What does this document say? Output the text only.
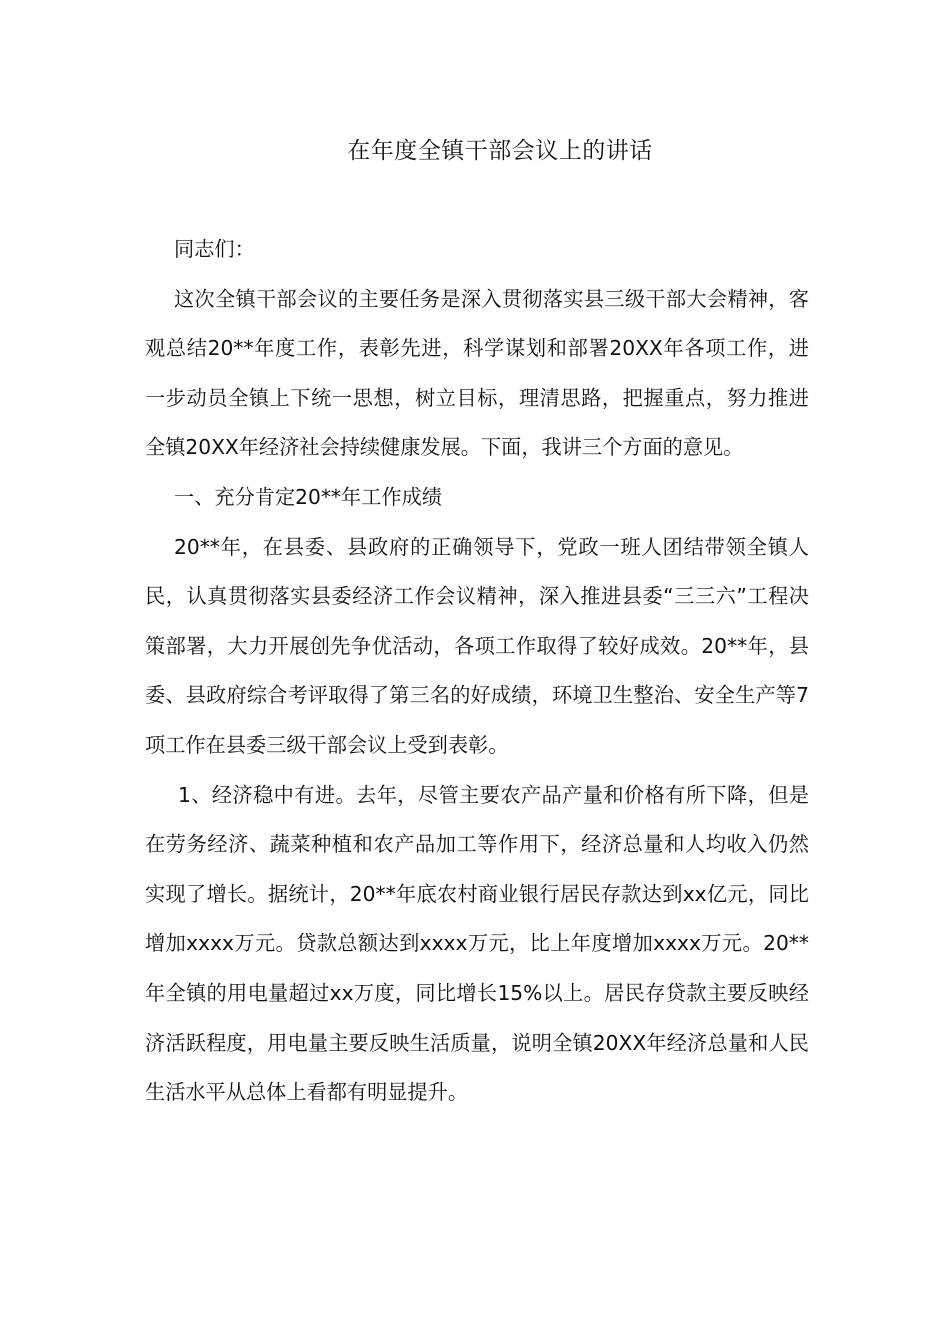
在年度全镇干部会议上的讲话

同志们：

这次全镇干部会议的主要任务是深入贯彻落实县三级干部大会精神，客观总结20**年度工作，表彰先进，科学谋划和部署20XX年各项工作，进一步动员全镇上下统一思想，树立目标，理清思路，把握重点，努力推进全镇20XX年经济社会持续健康发展。下面，我讲三个方面的意见。

一、充分肯定20**年工作成绩

20**年，在县委、县政府的正确领导下，党政一班人团结带领全镇人民，认真贯彻落实县委经济工作会议精神，深入推进县委“三三六”工程决策部署，大力开展创先争优活动，各项工作取得了较好成效。20**年，县委、县政府综合考评取得了第三名的好成绩，环境卫生整治、安全生产等7项工作在县委三级干部会议上受到表彰。

1、经济稳中有进。去年，尽管主要农产品产量和价格有所下降，但是在劳务经济、蔬菜种植和农产品加工等作用下，经济总量和人均收入仍然实现了增长。据统计，20**年底农村商业银行居民存款达到xx亿元，同比增加xxxx万元。贷款总额达到xxxx万元，比上年度增加xxxx万元。20**年全镇的用电量超过xx万度，同比增长15%以上。居民存贷款主要反映经济活跃程度，用电量主要反映生活质量，说明全镇20XX年经济总量和人民生活水平从总体上看都有明显提升。
